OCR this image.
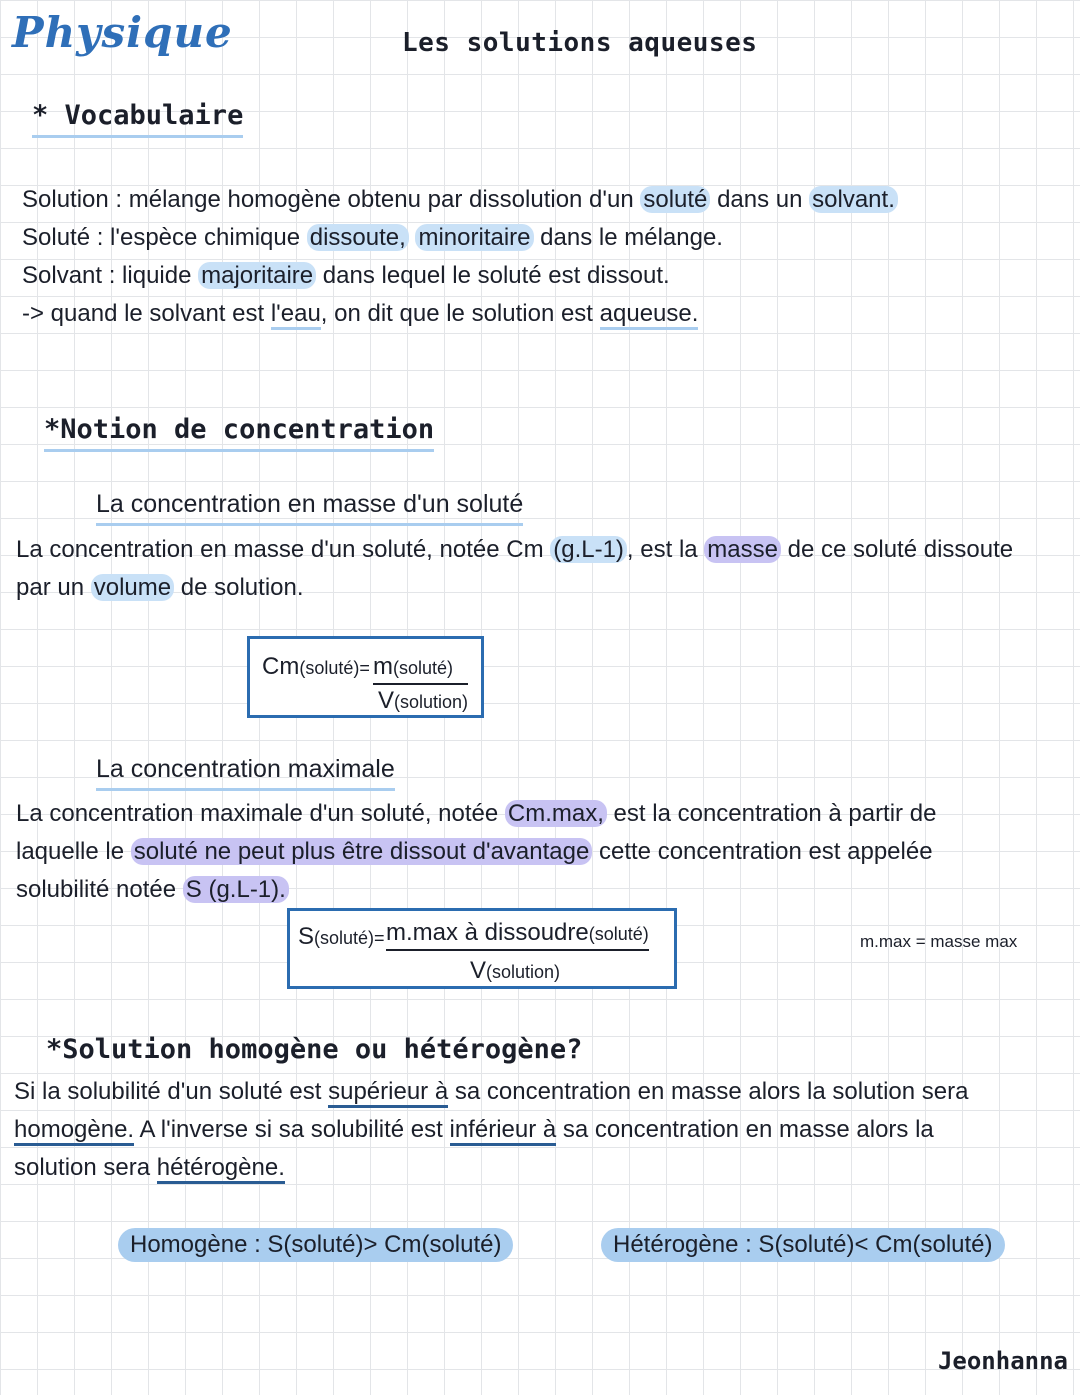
Physique	Les solutions aqueuses
* Vocabulaire
Solution : mélange homogène obtenu par dissolution d'un soluté dans un solvant.
Soluté : l'espèce chimique dissoute, minoritaire dans le mélange.
Solvant : liquide majoritaire dans lequel le soluté est dissout.
-> quand le solvant est l'eau, on dit que le solution est aqueuse.
*Notion de concentration
La concentration en masse d'un soluté
La concentration en masse d'un soluté, notée Cm (g.L-1) , est la masse de ce soluté dissoute
par un volume de solution.
Cm(soluté)= m(soluté)
V(solution)
La concentration maximale
La concentration maximale d'un soluté, notée Cm.max, est la concentration à partir de
laquelle le soluté ne peut plus être dissout d'avantage cette concentration est appelée
solubilité notée S (g.L-1).
S(soluté)= m.max à dissoudre(soluté)
V(solution)
m.max = masse max
*Solution homogène ou hétérogène?
Si la solubilité d'un soluté est supérieur à sa concentration en masse alors la solution sera
homogène. A l'inverse si sa solubilité est inférieur à sa concentration en masse alors la
solution sera hétérogène.
Homogène : S(soluté)> Cm(soluté)	Hétérogène : S(soluté)< Cm(soluté)
Jeonhanna
